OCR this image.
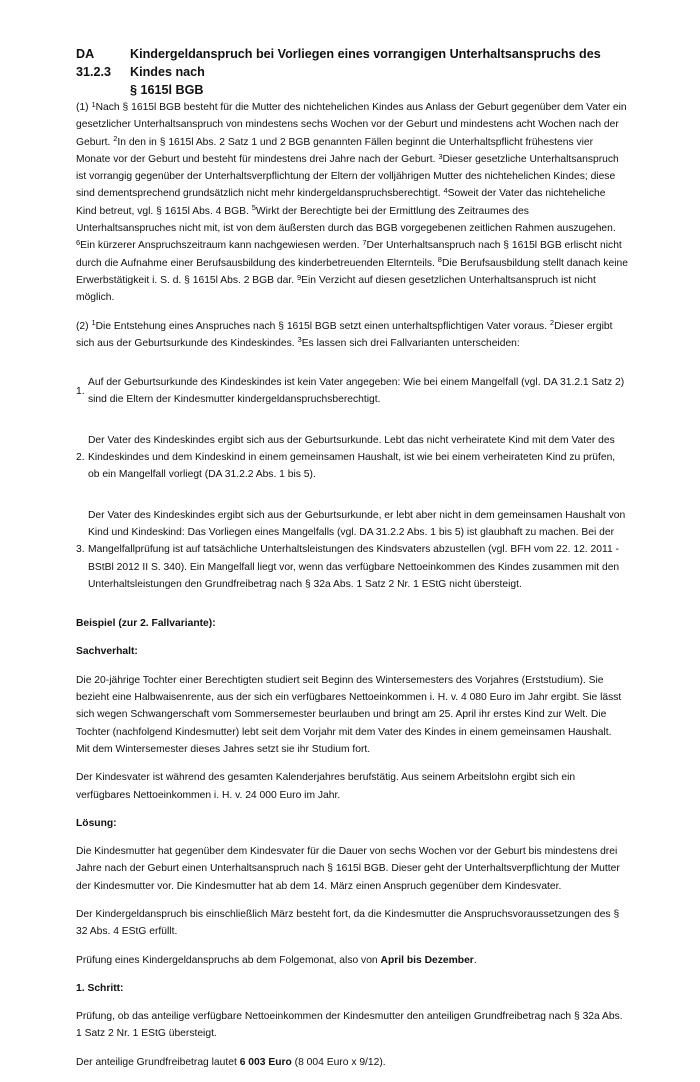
DA
31.2.3
Kindergeldanspruch bei Vorliegen eines vorrangigen Unterhaltsanspruchs des Kindes nach
§ 1615l BGB

(1) $^1$Nach § 1615l BGB besteht für die Mutter des nichtehelichen Kindes aus Anlass der Geburt gegenüber dem Vater ein gesetzlicher Unterhaltsanspruch von mindestens sechs Wochen vor der Geburt und mindestens acht Wochen nach der Geburt. $^2$In den in § 1615l Abs. 2 Satz 1 und 2 BGB genannten Fällen beginnt die Unterhaltspflicht frühestens vier Monate vor der Geburt und besteht für mindestens drei Jahre nach der Geburt. $^3$Dieser gesetzliche Unterhaltsanspruch ist vorrangig gegenüber der Unterhaltsverpflichtung der Eltern der volljährigen Mutter des nichtehelichen Kindes; diese sind dementsprechend grundsätzlich nicht mehr kindergeldanspruchsberechtigt. $^4$Soweit der Vater das nichteheliche Kind betreut, vgl. § 1615l Abs. 4 BGB. $^5$Wirkt der Berechtigte bei der Ermittlung des Zeitraumes des Unterhaltsanspruches nicht mit, ist von dem äußersten durch das BGB vorgegebenen zeitlichen Rahmen auszugehen. $^6$Ein kürzerer Anspruchszeitraum kann nachgewiesen werden. $^7$Der Unterhaltsanspruch nach § 1615l BGB erlischt nicht durch die Aufnahme einer Berufsausbildung des kinderbetreuenden Elternteils. $^8$Die Berufsausbildung stellt danach keine Erwerbstätigkeit i. S. d. § 1615l Abs. 2 BGB dar. $^9$Ein Verzicht auf diesen gesetzlichen Unterhaltsanspruch ist nicht möglich.

(2) $^1$Die Entstehung eines Anspruches nach § 1615l BGB setzt einen unterhaltspflichtigen Vater voraus. $^2$Dieser ergibt sich aus der Geburtsurkunde des Kindeskindes. $^3$Es lassen sich drei Fallvarianten unterscheiden:

1.
Auf der Geburtsurkunde des Kindeskindes ist kein Vater angegeben: Wie bei einem Mangelfall (vgl. DA 31.2.1 Satz 2) sind die Eltern der Kindesmutter kindergeldanspruchsberechtigt.
2.
Der Vater des Kindeskindes ergibt sich aus der Geburtsurkunde. Lebt das nicht verheiratete Kind mit dem Vater des Kindeskindes und dem Kindeskind in einem gemeinsamen Haushalt, ist wie bei einem verheirateten Kind zu prüfen, ob ein Mangelfall vorliegt (DA 31.2.2 Abs. 1 bis 5).
3.
Der Vater des Kindeskindes ergibt sich aus der Geburtsurkunde, er lebt aber nicht in dem gemeinsamen Haushalt von Kind und Kindeskind: Das Vorliegen eines Mangelfalls (vgl. DA 31.2.2 Abs. 1 bis 5) ist glaubhaft zu machen. Bei der Mangelfallprüfung ist auf tatsächliche Unterhaltsleistungen des Kindsvaters abzustellen (vgl. BFH vom 22. 12. 2011 - BStBl 2012 II S. 340). Ein Mangelfall liegt vor, wenn das verfügbare Nettoeinkommen des Kindes zusammen mit den Unterhaltsleistungen den Grundfreibetrag nach § 32a Abs. 1 Satz 2 Nr. 1 EStG nicht übersteigt.

Beispiel (zur 2. Fallvariante):

Sachverhalt:

Die 20-jährige Tochter einer Berechtigten studiert seit Beginn des Wintersemesters des Vorjahres (Erststudium). Sie bezieht eine Halbwaisenrente, aus der sich ein verfügbares Nettoeinkommen i. H. v. 4 080 Euro im Jahr ergibt. Sie lässt sich wegen Schwangerschaft vom Sommersemester beurlauben und bringt am 25. April ihr erstes Kind zur Welt. Die Tochter (nachfolgend Kindesmutter) lebt seit dem Vorjahr mit dem Vater des Kindes in einem gemeinsamen Haushalt. Mit dem Wintersemester dieses Jahres setzt sie ihr Studium fort.

Der Kindesvater ist während des gesamten Kalenderjahres berufstätig. Aus seinem Arbeitslohn ergibt sich ein verfügbares Nettoeinkommen i. H. v. 24 000 Euro im Jahr.

Lösung:

Die Kindesmutter hat gegenüber dem Kindesvater für die Dauer von sechs Wochen vor der Geburt bis mindestens drei Jahre nach der Geburt einen Unterhaltsanspruch nach § 1615l BGB. Dieser geht der Unterhaltsverpflichtung der Mutter der Kindesmutter vor. Die Kindesmutter hat ab dem 14. März einen Anspruch gegenüber dem Kindesvater.

Der Kindergeldanspruch bis einschließlich März besteht fort, da die Kindesmutter die Anspruchsvoraussetzungen des § 32 Abs. 4 EStG erfüllt.

Prüfung eines Kindergeldanspruchs ab dem Folgemonat, also von April bis Dezember.

1. Schritt:

Prüfung, ob das anteilige verfügbare Nettoeinkommen der Kindesmutter den anteiligen Grundfreibetrag nach § 32a Abs. 1 Satz 2 Nr. 1 EStG übersteigt.

Der anteilige Grundfreibetrag lautet 6 003 Euro (8 004 Euro x 9/12).
